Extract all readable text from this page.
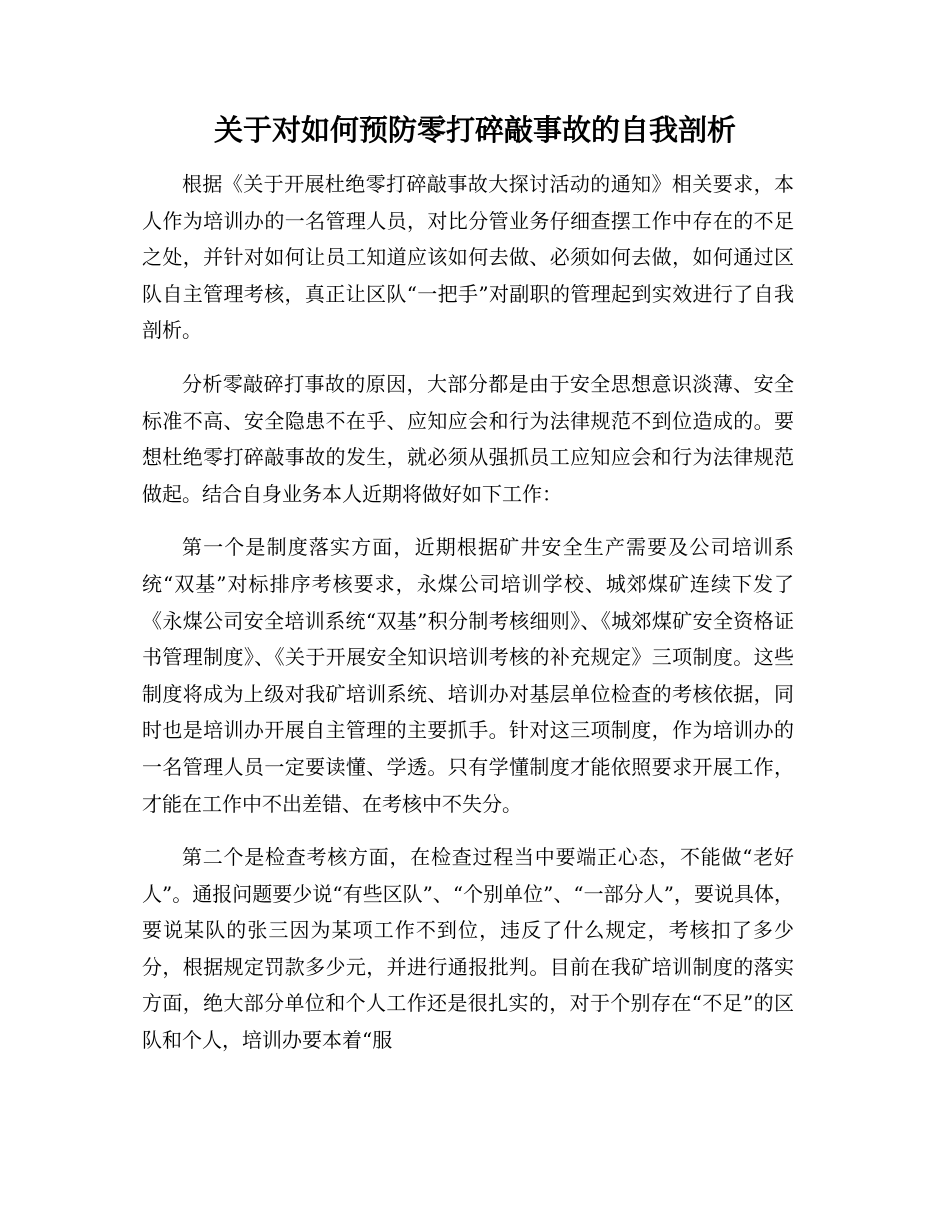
关于对如何预防零打碎敲事故的自我剖析

根据《关于开展杜绝零打碎敲事故大探讨活动的通知》相关要求，本人作为培训办的一名管理人员，对比分管业务仔细查摆工作中存在的不足之处，并针对如何让员工知道应该如何去做、必须如何去做，如何通过区队自主管理考核，真正让区队“一把手”对副职的管理起到实效进行了自我剖析。

分析零敲碎打事故的原因，大部分都是由于安全思想意识淡薄、安全标准不高、安全隐患不在乎、应知应会和行为法律规范不到位造成的。要想杜绝零打碎敲事故的发生，就必须从强抓员工应知应会和行为法律规范做起。结合自身业务本人近期将做好如下工作：

第一个是制度落实方面，近期根据矿井安全生产需要及公司培训系统“双基”对标排序考核要求，永煤公司培训学校、城郊煤矿连续下发了《永煤公司安全培训系统“双基”积分制考核细则》、《城郊煤矿安全资格证书管理制度》、《关于开展安全知识培训考核的补充规定》三项制度。这些制度将成为上级对我矿培训系统、培训办对基层单位检查的考核依据，同时也是培训办开展自主管理的主要抓手。针对这三项制度，作为培训办的一名管理人员一定要读懂、学透。只有学懂制度才能依照要求开展工作，才能在工作中不出差错、在考核中不失分。

第二个是检查考核方面，在检查过程当中要端正心态，不能做“老好人”。通报问题要少说“有些区队”、“个别单位”、“一部分人”，要说具体，要说某队的张三因为某项工作不到位，违反了什么规定，考核扣了多少分，根据规定罚款多少元，并进行通报批判。目前在我矿培训制度的落实方面，绝大部分单位和个人工作还是很扎实的，对于个别存在“不足”的区队和个人，培训办要本着“服
